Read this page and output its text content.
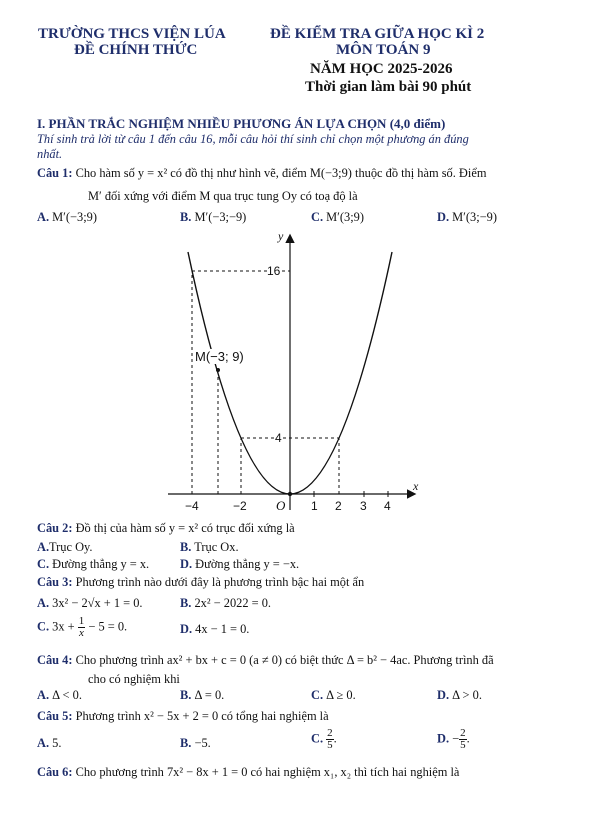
TRƯỜNG THCS VIỆN LÚA
ĐỀ CHÍNH THỨC
ĐỀ KIỂM TRA GIỮA HỌC KÌ 2
MÔN TOÁN 9
NĂM HỌC 2025-2026
Thời gian làm bài 90 phút
I. PHẦN TRẮC NGHIỆM NHIỀU PHƯƠNG ÁN LỰA CHỌN (4,0 điểm)
Thí sinh trả lời từ câu 1 đến câu 16, mỗi câu hỏi thí sinh chỉ chọn một phương án đúng
nhất.
Câu 1: Cho hàm số y = x² có đồ thị như hình vẽ, điểm M(−3;9) thuộc đồ thị hàm số. Điểm
M′ đối xứng với điểm M qua trục tung Oy có toạ độ là
A. M′(−3;9)	B. M′(−3;−9)	C. M′(3;9)	D. M′(3;−9)
y
x
O
16
4
M(−3; 9)
−4	−2	1 2 3 4
Câu 2: Đồ thị của hàm số y = x² có trục đối xứng là
A.Trục Oy.	B. Trục Ox.
C. Đường thẳng y = x. D. Đường thẳng y = −x.
Câu 3: Phương trình nào dưới đây là phương trình bậc hai một ẩn
A. 3x² − 2√x + 1 = 0.	B. 2x² − 2022 = 0.
C. $3x + \frac{1}{x} - 5 = 0$.	D. 4x − 1 = 0.
Câu 4: Cho phương trình ax² + bx + c = 0 (a ≠ 0) có biệt thức Δ = b² − 4ac. Phương trình đã
cho có nghiệm khi
A. Δ < 0.	B. Δ = 0.	C. Δ ≥ 0.	D. Δ > 0.
Câu 5: Phương trình x² − 5x + 2 = 0 có tổng hai nghiệm là
A. 5.	B. −5.	C. $\frac{2}{5}$ .	D. − $\frac{2}{5}$ .
Câu 6: Cho phương trình 7x² − 8x + 1 = 0 có hai nghiệm x₁, x₂ thì tích hai nghiệm là
